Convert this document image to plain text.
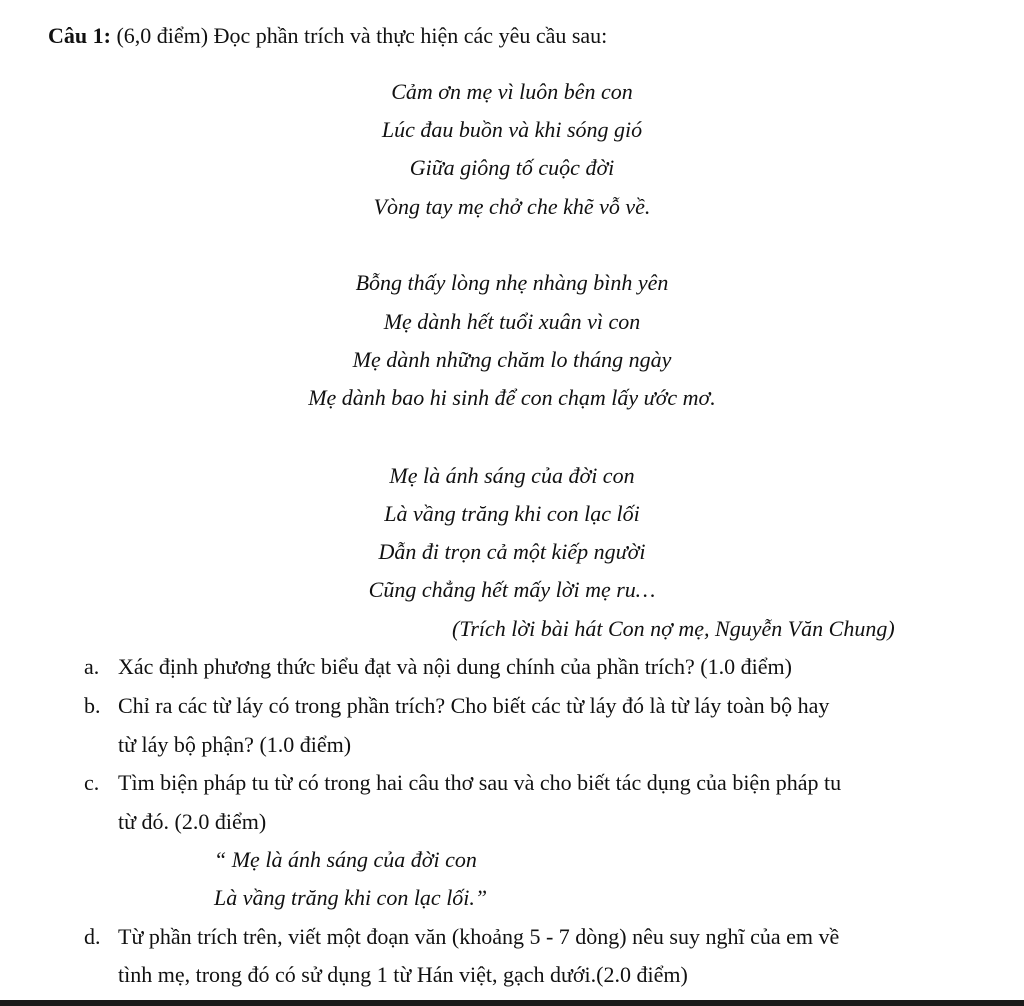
Câu 1: (6,0 điểm) Đọc phần trích và thực hiện các yêu cầu sau:
Cảm ơn mẹ vì luôn bên con
Lúc đau buồn và khi sóng gió
Giữa giông tố cuộc đời
Vòng tay mẹ chở che khẽ vỗ về.
Bỗng thấy lòng nhẹ nhàng bình yên
Mẹ dành hết tuổi xuân vì con
Mẹ dành những chăm lo tháng ngày
Mẹ dành bao hi sinh để con chạm lấy ước mơ.
Mẹ là ánh sáng của đời con
Là vầng trăng khi con lạc lối
Dẫn đi trọn cả một kiếp người
Cũng chẳng hết mấy lời mẹ ru…
(Trích lời bài hát Con nợ mẹ, Nguyễn Văn Chung)
a. Xác định phương thức biểu đạt và nội dung chính của phần trích? (1.0 điểm)
b. Chỉ ra các từ láy có trong phần trích? Cho biết các từ láy đó là từ láy toàn bộ hay
từ láy bộ phận? (1.0 điểm)
c. Tìm biện pháp tu từ có trong hai câu thơ sau và cho biết tác dụng của biện pháp tu
từ đó. (2.0 điểm)
“ Mẹ là ánh sáng của đời con
Là vầng trăng khi con lạc lối.”
d. Từ phần trích trên, viết một đoạn văn (khoảng 5 - 7 dòng) nêu suy nghĩ của em về
tình mẹ, trong đó có sử dụng 1 từ Hán việt, gạch dưới.(2.0 điểm)
